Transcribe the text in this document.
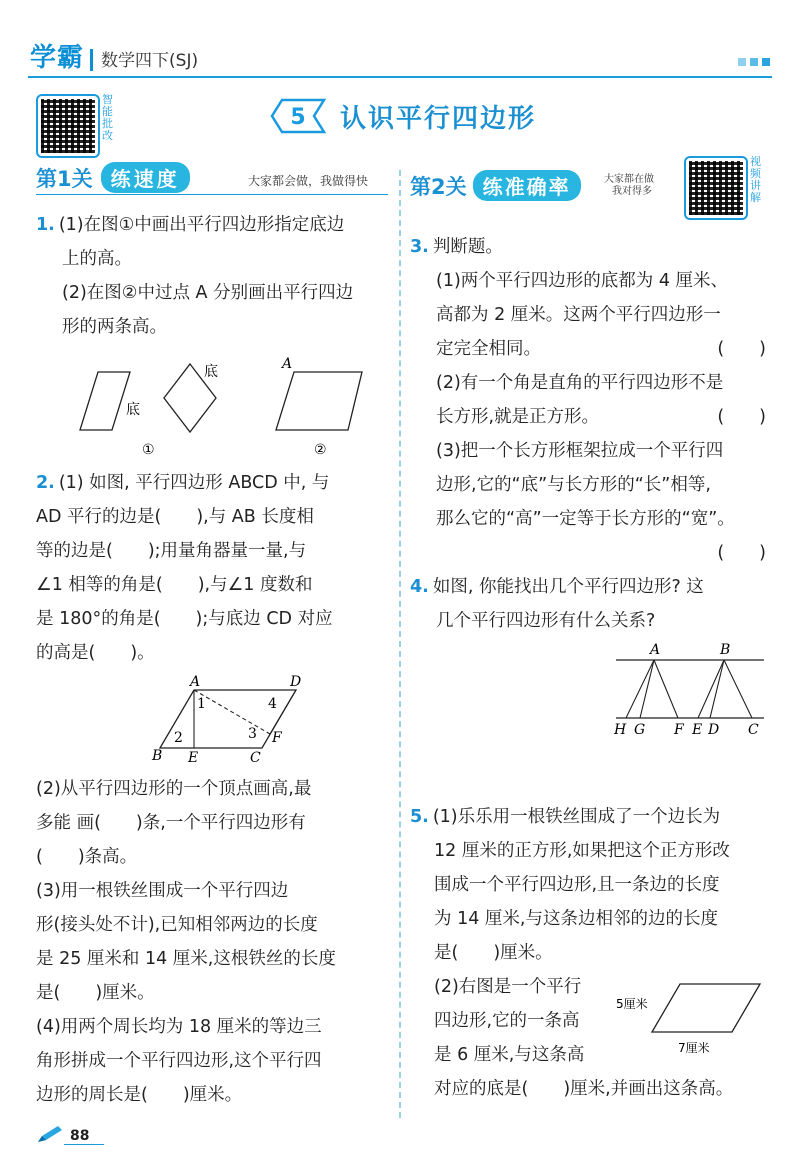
学霸 数学四下(SJ)
智能批改
5 认识平行四边形
第1关 练速度	大家都会做，我做得快 第2关 练准确率	大家都在做
我对得多
视频讲解
1. (1)在图①中画出平行四边形指定底边
上的高。
(2)在图②中过点 A 分别画出平行四边
形的两条高。
底
底	A
①	②
2. (1) 如图, 平行四边形 ABCD 中, 与
AD 平行的边是(　　),与 AB 长度相
等的边是(　　);用量角器量一量,与
∠1 相等的角是(　　),与∠1 度数和
是 180°的角是(　　);与底边 CD 对应
的高是(　　)。
A	D
B E	C
F
1
2	3
4
(2)从平行四边形的一个顶点画高,最
多能 画(　　)条,一个平行四边形有
(　　)条高。
(3)用一根铁丝围成一个平行四边
形(接头处不计),已知相邻两边的长度
是 25 厘米和 14 厘米,这根铁丝的长度
是(　　)厘米。
(4)用两个周长均为 18 厘米的等边三
角形拼成一个平行四边形,这个平行四
边形的周长是(　　)厘米。
3. 判断题。
(1)两个平行四边形的底都为 4 厘米、
高都为 2 厘米。这两个平行四边形一
定完全相同。	(　　)
(2)有一个角是直角的平行四边形不是
长方形,就是正方形。	(　　)
(3)把一个长方形框架拉成一个平行四
边形,它的“底”与长方形的“长”相等,
那么它的“高”一定等于长方形的“宽”。
(　　)
4. 如图, 你能找出几个平行四边形? 这
几个平行四边形有什么关系?
A	B
H G F E D C
5. (1)乐乐用一根铁丝围成了一个边长为
12 厘米的正方形,如果把这个正方形改
围成一个平行四边形,且一条边的长度
为 14 厘米,与这条边相邻的边的长度
是(　　)厘米。
(2)右图是一个平行
四边形,它的一条高
是 6 厘米,与这条高
对应的底是(　　)厘米,并画出这条高。
5厘米
7厘米
88
